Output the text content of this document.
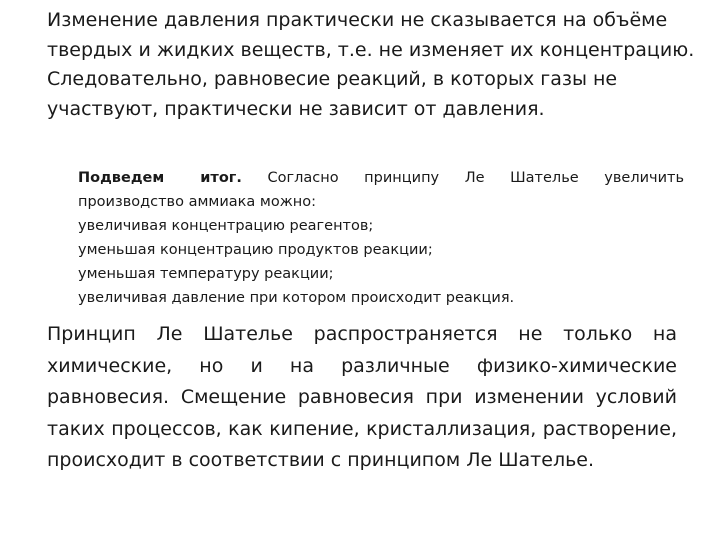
Изменение давления практически не сказывается на объёме твердых и жидких веществ, т.е. не изменяет их концентрацию. Следовательно, равновесие реакций, в которых газы не участвуют, практически не зависит от давления.

Подведем итог. Согласно принципу Ле Шателье увеличить
производство аммиака можно:
увеличивая концентрацию реагентов;
уменьшая концентрацию продуктов реакции;
уменьшая температуру реакции;
увеличивая давление при котором происходит реакция.

Принцип Ле Шателье распространяется не только на химические, но и на различные физико-химические равновесия. Смещение равновесия при изменении условий таких процессов, как кипение, кристаллизация, растворение, происходит в соответствии с принципом Ле Шателье.
